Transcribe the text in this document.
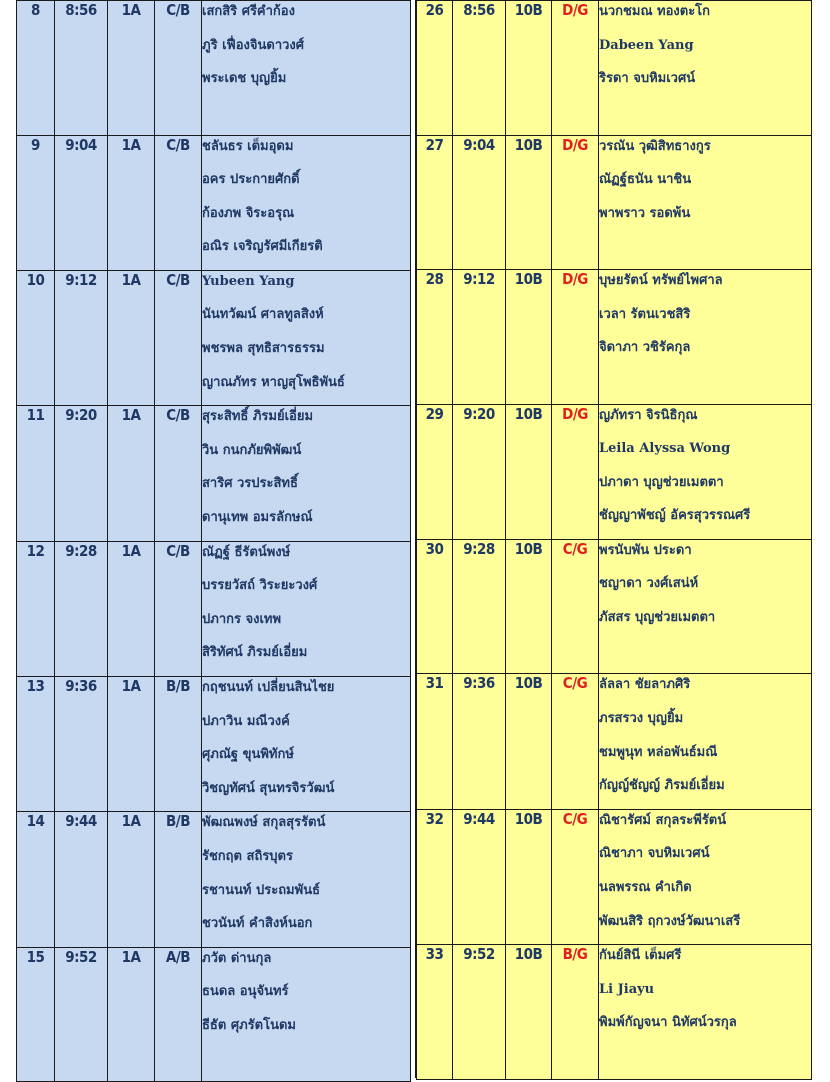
8	8:56	1A	C/B	เสกสิริ ศรีคำก้อง
ภูริ เฟื่องจินดาวงศ์
พระเดช บุญยิ้ม

9	9:04	1A	C/B	ชลันธร เต็มอุดม
อคร ประกายศักดิ์
ก้องภพ จิระอรุณ
อณิร เจริญรัศมีเกียรติ

10	9:12	1A	C/B	Yubeen Yang
นันทวัฒน์ ศาลทูลสิงห์
พชรพล สุทธิสารธรรม
ญาณภัทร หาญสุโพธิพันธ์

11	9:20	1A	C/B	สุระสิทธิ์ ภิรมย์เอี่ยม
วิน กนกภัยพิพัฒน์
สาริศ วรประสิทธิ์
ดานุเทพ อมรลักษณ์

12	9:28	1A	C/B	ณัฏฐ์ ธีรัตน์พงษ์
บรรยวัสถ์ วิระยะวงศ์
ปภากร จงเทพ
สิริทัศน์ ภิรมย์เอี่ยม

13	9:36	1A	B/B	กฤชนนท์ เปลี่ยนสินไชย
ปภาวิน มณีวงค์
ศุภณัฐ ขุนพิทักษ์
วิชญทัศน์ สุนทรจิรวัฒน์

14	9:44	1A	B/B	พัฒณพงษ์ สกุลสุรรัตน์
รัชกฤต สถิรบุตร
รชานนท์ ประถมพันธ์
ชวนันท์ คำสิงห์นอก

15	9:52	1A	A/B	ภวัต ด่านกุล
ธนดล อนุจันทร์
ธีธัต ศุภรัตโนดม
26	8:56	10B	D/G	นวกชมณ ทองตะโก
Dabeen Yang
ริรดา จบหิมเวศน์

27	9:04	10B	D/G	วรณัน วุฒิสิทธางกูร
ณัฏฐ์ธนัน นาชิน
พาพราว รอดพ้น

28	9:12	10B	D/G	บุษยรัตน์ ทรัพย์ไพศาล
เวลา รัตนเวชสิริ
จิดาภา วชิรัคกุล

29	9:20	10B	D/G	ญภัทรา จิรนิธิกุณ
Leila Alyssa Wong
ปภาดา บุญช่วยเมตตา
ชัญญาพัชญ์ อัครสุวรรณศรี

30	9:28	10B	C/G	พรนับพัน ประดา
ชญาดา วงศ์เสน่ห์
ภัสสร บุญช่วยเมตตา

31	9:36	10B	C/G	ลัลลา ชัยลาภศิริ
ภรสรวง บุญยิ้ม
ชมพูนุท หล่อพันธ์มณี
กัญญ์ชัญญ์ ภิรมย์เอี่ยม

32	9:44	10B	C/G	ณิชารัศม์ สกุลระพีรัตน์
ณิชาภา จบหิมเวศน์
นลพรรณ คำเกิด
พัฒนสิริ ฤกวงษ์วัฒนาเสรี

33	9:52	10B	B/G	กันย์สินี เต็มศรี
Li Jiayu
พิมพ์กัญจนา นิทัศน์วรกุล
